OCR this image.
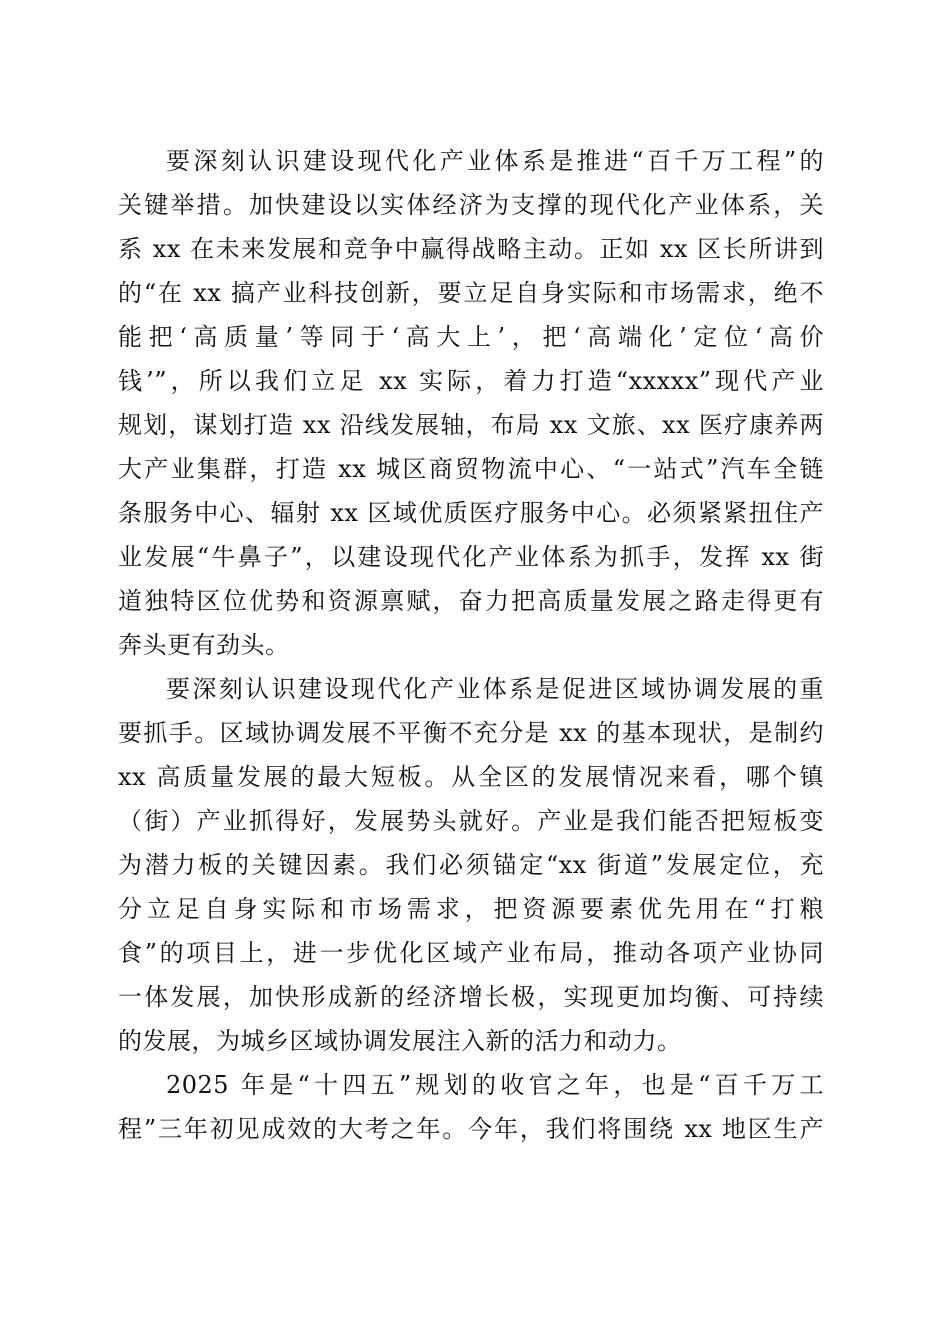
要深刻认识建设现代化产业体系是推进“百千万工程”的
关键举措。加快建设以实体经济为支撑的现代化产业体系，关
系 xx 在未来发展和竞争中赢得战略主动。正如 xx 区长所讲到
的“在 xx 搞产业科技创新，要立足自身实际和市场需求，绝不
能把‘高质量’等同于‘高大上’，把‘高端化’定位‘高价
钱’”，所以我们立足 xx 实际，着力打造“xxxxx”现代产业
规划，谋划打造 xx 沿线发展轴，布局 xx 文旅、xx 医疗康养两
大产业集群，打造 xx 城区商贸物流中心、“一站式”汽车全链
条服务中心、辐射 xx 区域优质医疗服务中心。必须紧紧扭住产
业发展“牛鼻子”，以建设现代化产业体系为抓手，发挥 xx 街
道独特区位优势和资源禀赋，奋力把高质量发展之路走得更有
奔头更有劲头。
要深刻认识建设现代化产业体系是促进区域协调发展的重
要抓手。区域协调发展不平衡不充分是 xx 的基本现状，是制约
xx 高质量发展的最大短板。从全区的发展情况来看，哪个镇
（街）产业抓得好，发展势头就好。产业是我们能否把短板变
为潜力板的关键因素。我们必须锚定“xx 街道”发展定位，充
分立足自身实际和市场需求，把资源要素优先用在“打粮
食”的项目上，进一步优化区域产业布局，推动各项产业协同
一体发展，加快形成新的经济增长极，实现更加均衡、可持续
的发展，为城乡区域协调发展注入新的活力和动力。
2025 年是“十四五”规划的收官之年，也是“百千万工
程”三年初见成效的大考之年。今年，我们将围绕 xx 地区生产
